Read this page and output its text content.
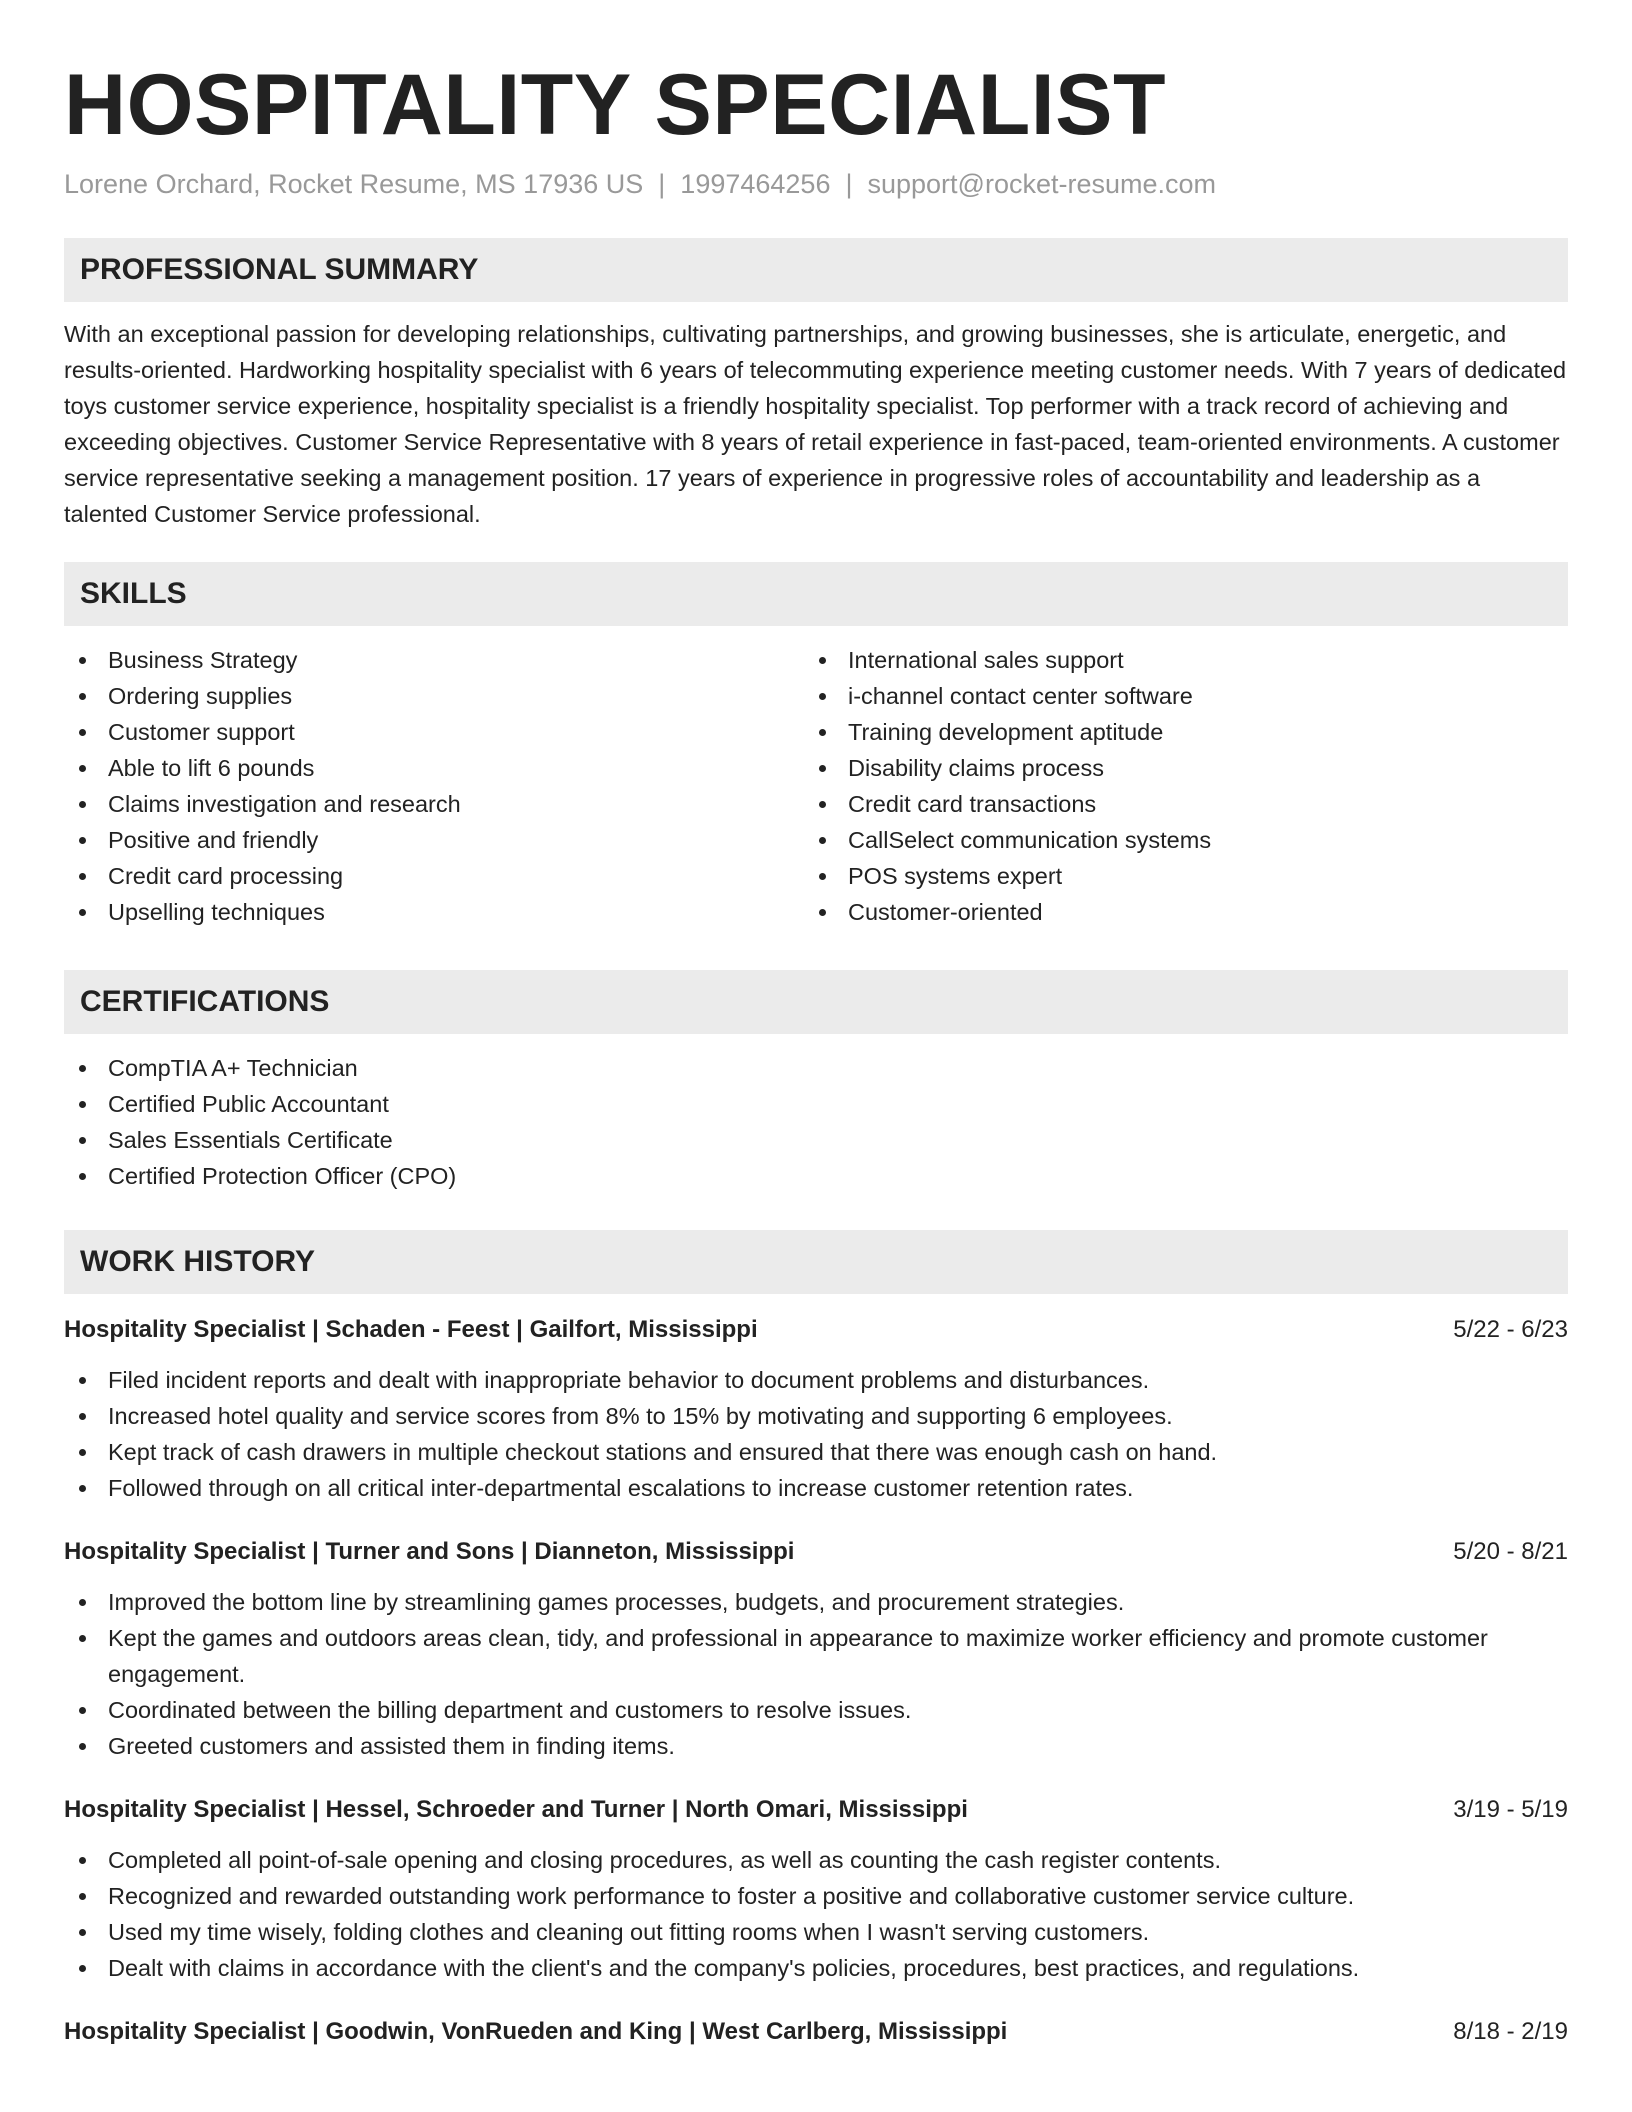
HOSPITALITY SPECIALIST
Lorene Orchard, Rocket Resume, MS 17936 US | 1997464256 | support@rocket-resume.com
PROFESSIONAL SUMMARY

With an exceptional passion for developing relationships, cultivating partnerships, and growing businesses, she is articulate, energetic, and results-oriented. Hardworking hospitality specialist with 6 years of telecommuting experience meeting customer needs. With 7 years of dedicated toys customer service experience, hospitality specialist is a friendly hospitality specialist. Top performer with a track record of achieving and exceeding objectives. Customer Service Representative with 8 years of retail experience in fast-paced, team-oriented environments. A customer service representative seeking a management position. 17 years of experience in progressive roles of accountability and leadership as a talented Customer Service professional.

SKILLS
Business Strategy
Ordering supplies
Customer support
Able to lift 6 pounds
Claims investigation and research
Positive and friendly
Credit card processing
Upselling techniques
International sales support
i-channel contact center software
Training development aptitude
Disability claims process
Credit card transactions
CallSelect communication systems
POS systems expert
Customer-oriented
CERTIFICATIONS
CompTIA A+ Technician
Certified Public Accountant
Sales Essentials Certificate
Certified Protection Officer (CPO)
WORK HISTORY
Hospitality Specialist | Schaden - Feest | Gailfort, Mississippi	5/22 - 6/23
Filed incident reports and dealt with inappropriate behavior to document problems and disturbances.
Increased hotel quality and service scores from 8% to 15% by motivating and supporting 6 employees.
Kept track of cash drawers in multiple checkout stations and ensured that there was enough cash on hand.
Followed through on all critical inter-departmental escalations to increase customer retention rates.
Hospitality Specialist | Turner and Sons | Dianneton, Mississippi	5/20 - 8/21
Improved the bottom line by streamlining games processes, budgets, and procurement strategies.
Kept the games and outdoors areas clean, tidy, and professional in appearance to maximize worker efficiency and promote customer engagement.
Coordinated between the billing department and customers to resolve issues.
Greeted customers and assisted them in finding items.
Hospitality Specialist | Hessel, Schroeder and Turner | North Omari, Mississippi	3/19 - 5/19
Completed all point-of-sale opening and closing procedures, as well as counting the cash register contents.
Recognized and rewarded outstanding work performance to foster a positive and collaborative customer service culture.
Used my time wisely, folding clothes and cleaning out fitting rooms when I wasn't serving customers.
Dealt with claims in accordance with the client's and the company's policies, procedures, best practices, and regulations.
Hospitality Specialist | Goodwin, VonRueden and King | West Carlberg, Mississippi	8/18 - 2/19
